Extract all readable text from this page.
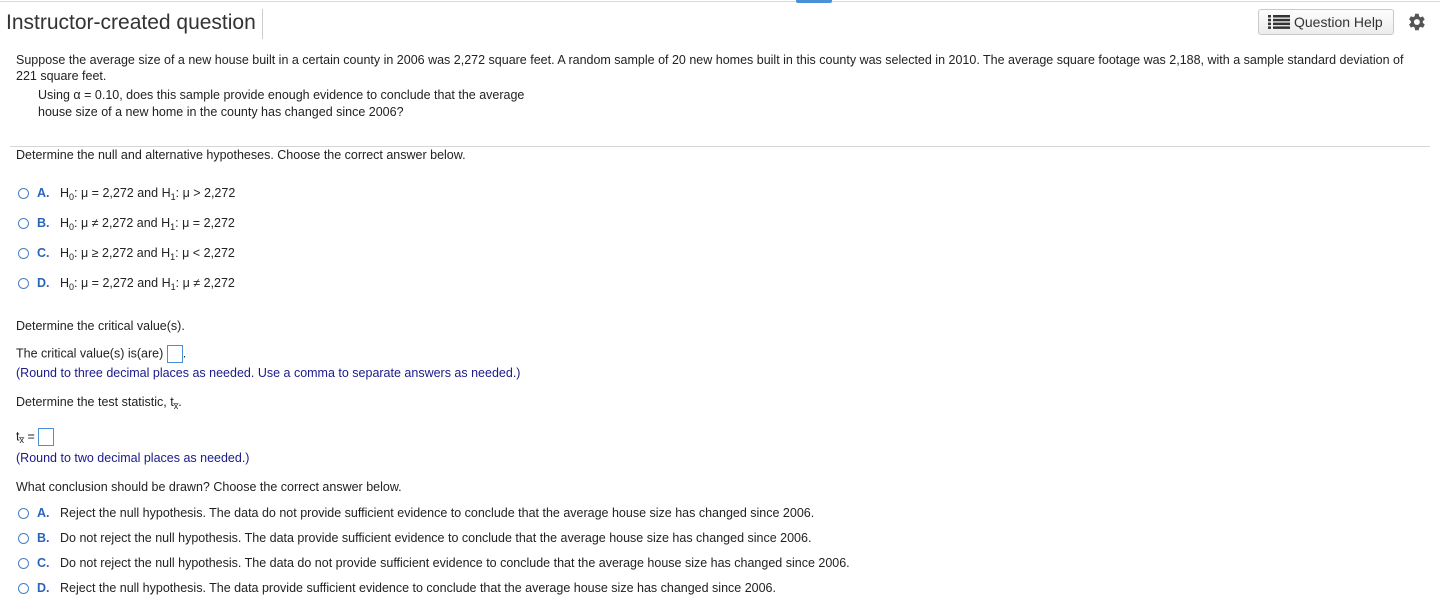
Instructor-created question	Question Help
Suppose the average size of a new house built in a certain county in 2006 was 2,272 square feet. A random sample of 20 new homes built in this county was selected in 2010. The average square footage was 2,188, with a sample standard deviation of 221 square feet.
Using α = 0.10, does this sample provide enough evidence to conclude that the average
house size of a new home in the county has changed since 2006?
Determine the null and alternative hypotheses. Choose the correct answer below.
A. $H_0$: μ = 2,272 and $H_1$: μ > 2,272
B. $H_0$: μ ≠ 2,272 and $H_1$: μ = 2,272
C. $H_0$: μ ≥ 2,272 and $H_1$: μ < 2,272
D. $H_0$: μ = 2,272 and $H_1$: μ ≠ 2,272
Determine the critical value(s).
The critical value(s) is(are) .
(Round to three decimal places as needed. Use a comma to separate answers as needed.)
Determine the test statistic, $t_{x̅}$.
$t_{x̅}$ =
(Round to two decimal places as needed.)
What conclusion should be drawn? Choose the correct answer below.
A. Reject the null hypothesis. The data do not provide sufficient evidence to conclude that the average house size has changed since 2006.
B. Do not reject the null hypothesis. The data provide sufficient evidence to conclude that the average house size has changed since 2006.
C. Do not reject the null hypothesis. The data do not provide sufficient evidence to conclude that the average house size has changed since 2006.
D. Reject the null hypothesis. The data provide sufficient evidence to conclude that the average house size has changed since 2006.
